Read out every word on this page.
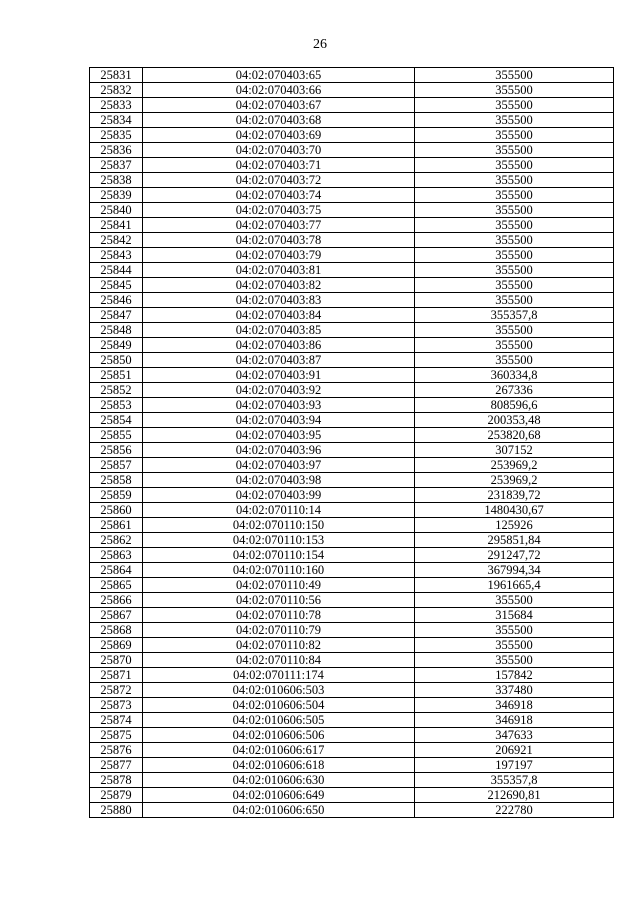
26
25831	04:02:070403:65	355500
25832	04:02:070403:66	355500
25833	04:02:070403:67	355500
25834	04:02:070403:68	355500
25835	04:02:070403:69	355500
25836	04:02:070403:70	355500
25837	04:02:070403:71	355500
25838	04:02:070403:72	355500
25839	04:02:070403:74	355500
25840	04:02:070403:75	355500
25841	04:02:070403:77	355500
25842	04:02:070403:78	355500
25843	04:02:070403:79	355500
25844	04:02:070403:81	355500
25845	04:02:070403:82	355500
25846	04:02:070403:83	355500
25847	04:02:070403:84	355357,8
25848	04:02:070403:85	355500
25849	04:02:070403:86	355500
25850	04:02:070403:87	355500
25851	04:02:070403:91	360334,8
25852	04:02:070403:92	267336
25853	04:02:070403:93	808596,6
25854	04:02:070403:94	200353,48
25855	04:02:070403:95	253820,68
25856	04:02:070403:96	307152
25857	04:02:070403:97	253969,2
25858	04:02:070403:98	253969,2
25859	04:02:070403:99	231839,72
25860	04:02:070110:14	1480430,67
25861	04:02:070110:150	125926
25862	04:02:070110:153	295851,84
25863	04:02:070110:154	291247,72
25864	04:02:070110:160	367994,34
25865	04:02:070110:49	1961665,4
25866	04:02:070110:56	355500
25867	04:02:070110:78	315684
25868	04:02:070110:79	355500
25869	04:02:070110:82	355500
25870	04:02:070110:84	355500
25871	04:02:070111:174	157842
25872	04:02:010606:503	337480
25873	04:02:010606:504	346918
25874	04:02:010606:505	346918
25875	04:02:010606:506	347633
25876	04:02:010606:617	206921
25877	04:02:010606:618	197197
25878	04:02:010606:630	355357,8
25879	04:02:010606:649	212690,81
25880	04:02:010606:650	222780
